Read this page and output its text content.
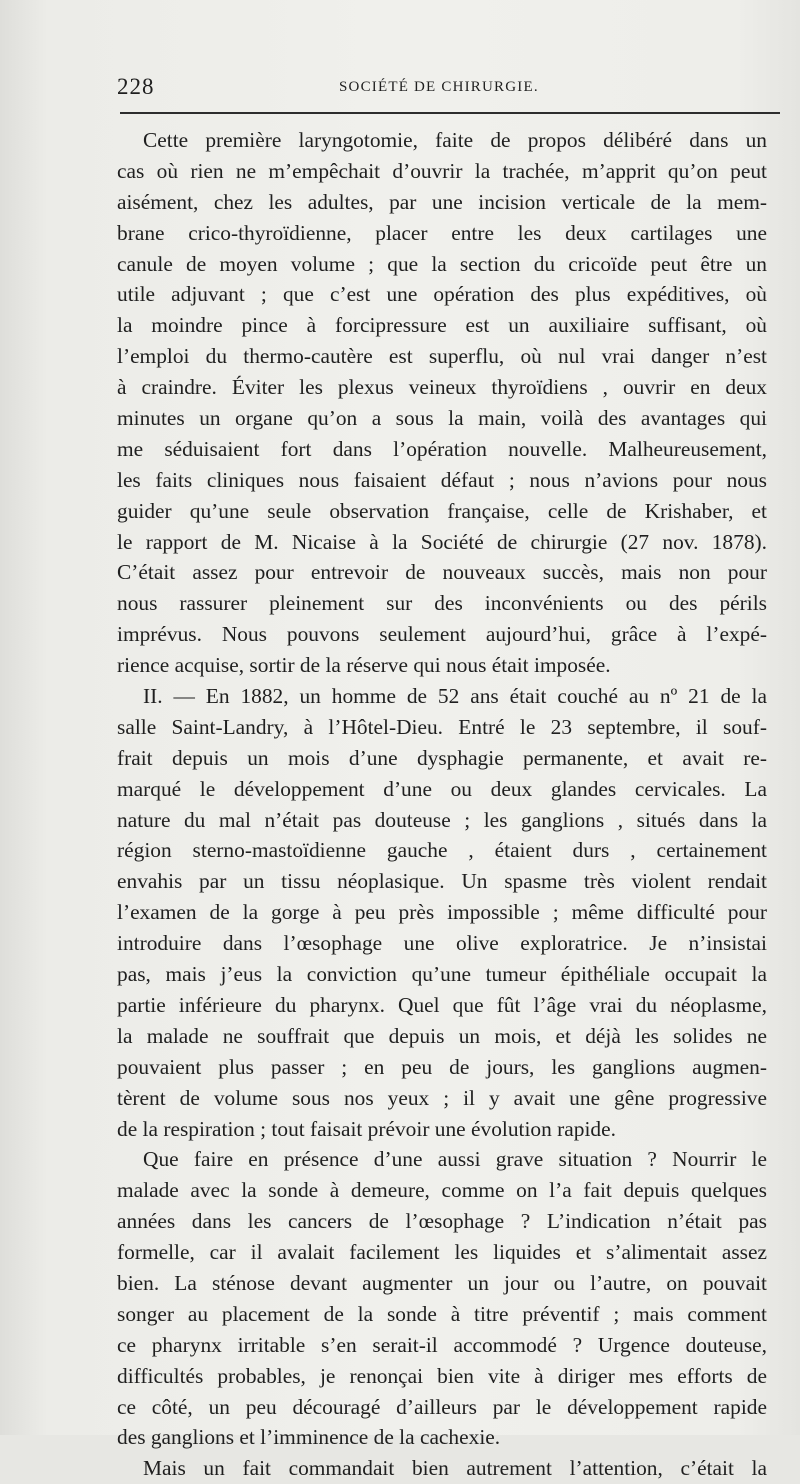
228	SOCIÉTÉ DE CHIRURGIE.
Cette première laryngotomie, faite de propos délibéré dans un
cas où rien ne m’empêchait d’ouvrir la trachée, m’apprit qu’on peut
aisément, chez les adultes, par une incision verticale de la mem-
brane crico-thyroïdienne, placer entre les deux cartilages une
canule de moyen volume ; que la section du cricoïde peut être un
utile adjuvant ; que c’est une opération des plus expéditives, où
la moindre pince à forcipressure est un auxiliaire suffisant, où
l’emploi du thermo-cautère est superflu, où nul vrai danger n’est
à craindre. Éviter les plexus veineux thyroïdiens , ouvrir en deux
minutes un organe qu’on a sous la main, voilà des avantages qui
me séduisaient fort dans l’opération nouvelle. Malheureusement,
les faits cliniques nous faisaient défaut ; nous n’avions pour nous
guider qu’une seule observation française, celle de Krishaber, et
le rapport de M. Nicaise à la Société de chirurgie (27 nov. 1878).
C’était assez pour entrevoir de nouveaux succès, mais non pour
nous rassurer pleinement sur des inconvénients ou des périls
imprévus. Nous pouvons seulement aujourd’hui, grâce à l’expé-
rience acquise, sortir de la réserve qui nous était imposée.
II. — En 1882, un homme de 52 ans était couché au nº 21 de la
salle Saint-Landry, à l’Hôtel-Dieu. Entré le 23 septembre, il souf-
frait depuis un mois d’une dysphagie permanente, et avait re-
marqué le développement d’une ou deux glandes cervicales. La
nature du mal n’était pas douteuse ; les ganglions , situés dans la
région sterno-mastoïdienne gauche , étaient durs , certainement
envahis par un tissu néoplasique. Un spasme très violent rendait
l’examen de la gorge à peu près impossible ; même difficulté pour
introduire dans l’œsophage une olive exploratrice. Je n’insistai
pas, mais j’eus la conviction qu’une tumeur épithéliale occupait la
partie inférieure du pharynx. Quel que fût l’âge vrai du néoplasme,
la malade ne souffrait que depuis un mois, et déjà les solides ne
pouvaient plus passer ; en peu de jours, les ganglions augmen-
tèrent de volume sous nos yeux ; il y avait une gêne progressive
de la respiration ; tout faisait prévoir une évolution rapide.
Que faire en présence d’une aussi grave situation ? Nourrir le
malade avec la sonde à demeure, comme on l’a fait depuis quelques
années dans les cancers de l’œsophage ? L’indication n’était pas
formelle, car il avalait facilement les liquides et s’alimentait assez
bien. La sténose devant augmenter un jour ou l’autre, on pouvait
songer au placement de la sonde à titre préventif ; mais comment
ce pharynx irritable s’en serait-il accommodé ? Urgence douteuse,
difficultés probables, je renonçai bien vite à diriger mes efforts de
ce côté, un peu découragé d’ailleurs par le développement rapide
des ganglions et l’imminence de la cachexie.
Mais un fait commandait bien autrement l’attention, c’était la
